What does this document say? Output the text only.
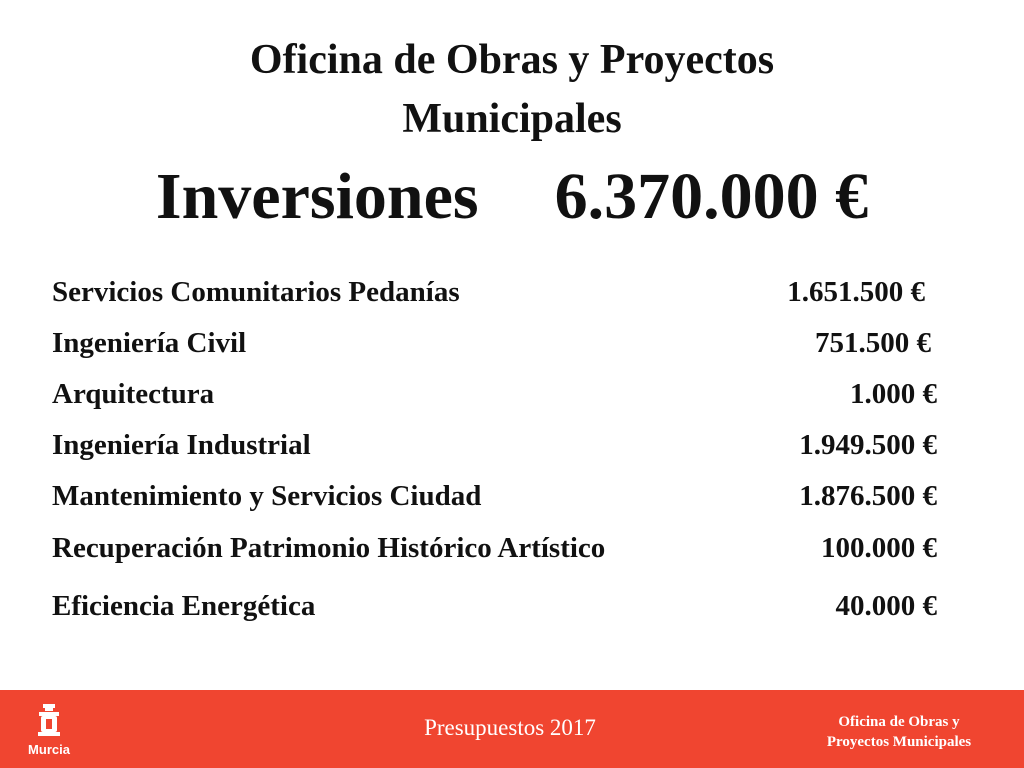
Oficina de Obras y Proyectos
Municipales
Inversiones 6.370.000 €
Servicios Comunitarios Pedanías	1.651.500 €
Ingeniería Civil	751.500 €
Arquitectura	1.000 €
Ingeniería Industrial	1.949.500 €
Mantenimiento y Servicios Ciudad	1.876.500 €
Recuperación Patrimonio Histórico Artístico	100.000 €
Eficiencia Energética	40.000 €
Murcia
Presupuestos 2017	Oficina de Obras y
Proyectos Municipales
